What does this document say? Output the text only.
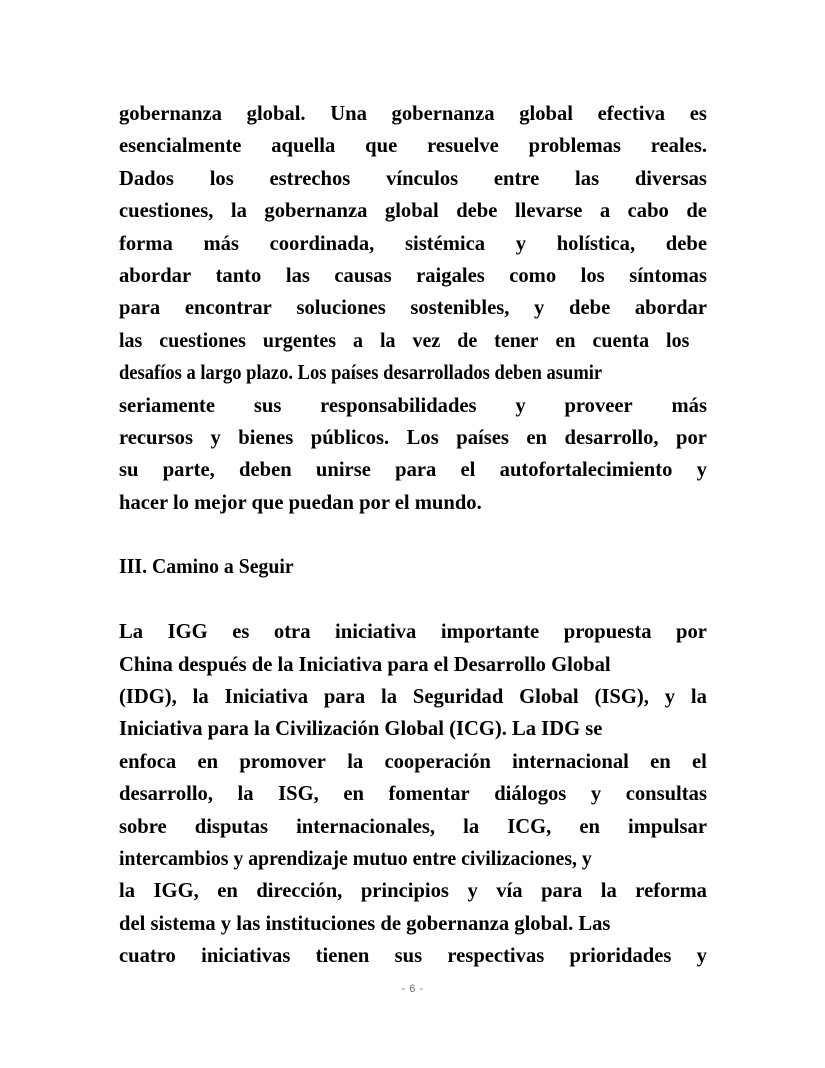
gobernanza global. Una gobernanza global efectiva es
esencialmente aquella que resuelve problemas reales.
Dados los estrechos vínculos entre las diversas
cuestiones, la gobernanza global debe llevarse a cabo de
forma más coordinada, sistémica y holística, debe
abordar tanto las causas raigales como los síntomas
para encontrar soluciones sostenibles, y debe abordar
las cuestiones urgentes a la vez de tener en cuenta los
desafíos a largo plazo. Los países desarrollados deben asumir
seriamente sus responsabilidades y proveer más
recursos y bienes públicos. Los países en desarrollo, por
su parte, deben unirse para el autofortalecimiento y
hacer lo mejor que puedan por el mundo.
III. Camino a Seguir
La IGG es otra iniciativa importante propuesta por
China después de la Iniciativa para el Desarrollo Global
(IDG), la Iniciativa para la Seguridad Global (ISG), y la
Iniciativa para la Civilización Global (ICG). La IDG se
enfoca en promover la cooperación internacional en el
desarrollo, la ISG, en fomentar diálogos y consultas
sobre disputas internacionales, la ICG, en impulsar
intercambios y aprendizaje mutuo entre civilizaciones, y
la IGG, en dirección, principios y vía para la reforma
del sistema y las instituciones de gobernanza global. Las
cuatro iniciativas tienen sus respectivas prioridades y
- 6 -
